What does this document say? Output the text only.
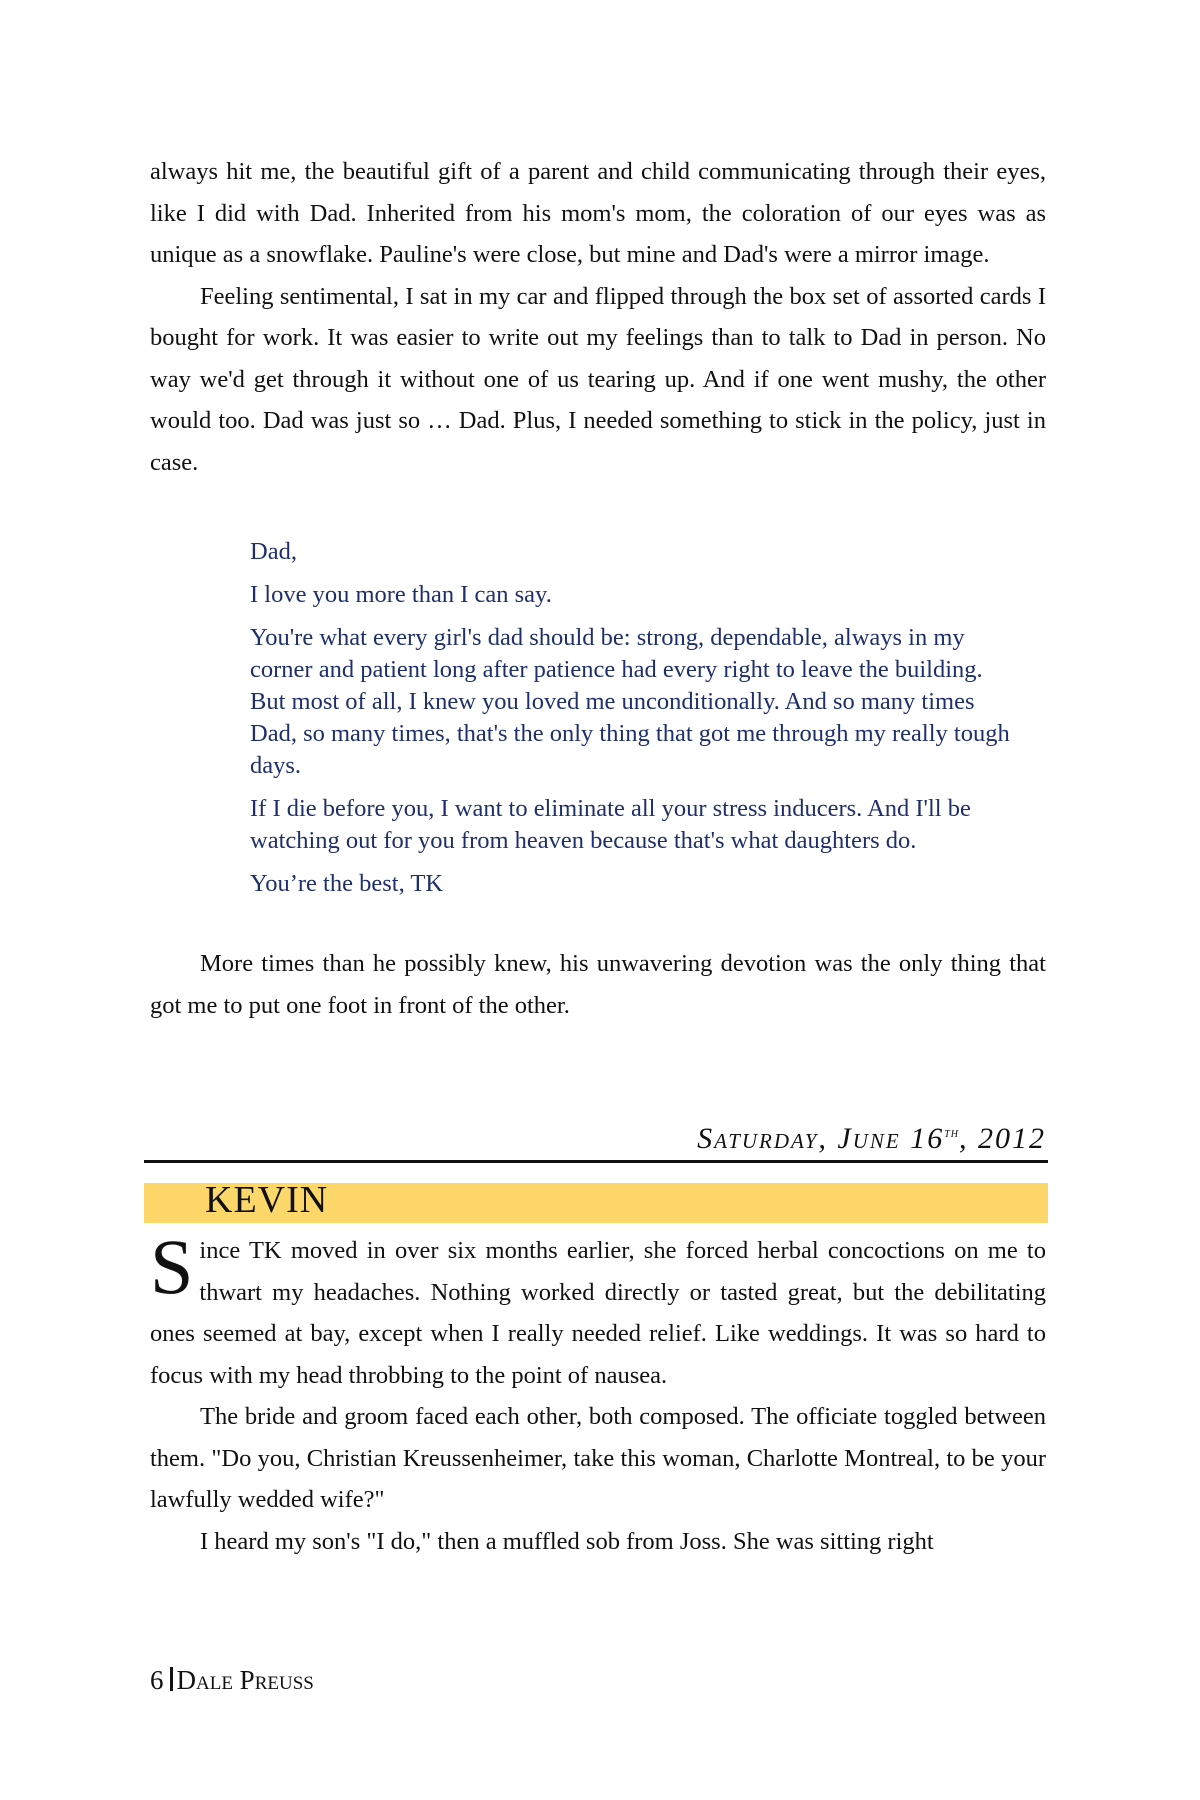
always hit me, the beautiful gift of a parent and child communicating through their eyes, like I did with Dad. Inherited from his mom's mom, the coloration of our eyes was as unique as a snowflake. Pauline's were close, but mine and Dad's were a mirror image.

Feeling sentimental, I sat in my car and flipped through the box set of assorted cards I bought for work. It was easier to write out my feelings than to talk to Dad in person. No way we'd get through it without one of us tearing up. And if one went mushy, the other would too. Dad was just so … Dad. Plus, I needed something to stick in the policy, just in case.

Dad,

I love you more than I can say.

You're what every girl's dad should be: strong, dependable, always in my corner and patient long after patience had every right to leave the building. But most of all, I knew you loved me unconditionally. And so many times Dad, so many times, that's the only thing that got me through my really tough days.

If I die before you, I want to eliminate all your stress inducers. And I'll be watching out for you from heaven because that's what daughters do.

You’re the best, TK

More times than he possibly knew, his unwavering devotion was the only thing that got me to put one foot in front of the other.

Saturday, June 16th, 2012
KEVIN

Since TK moved in over six months earlier, she forced herbal concoctions on me to thwart my headaches. Nothing worked directly or tasted great, but the debilitating ones seemed at bay, except when I really needed relief. Like weddings. It was so hard to focus with my head throbbing to the point of nausea.

The bride and groom faced each other, both composed. The officiate toggled between them. "Do you, Christian Kreussenheimer, take this woman, Charlotte Montreal, to be your lawfully wedded wife?"

I heard my son's "I do," then a muffled sob from Joss. She was sitting right

6 Dale Preuss
